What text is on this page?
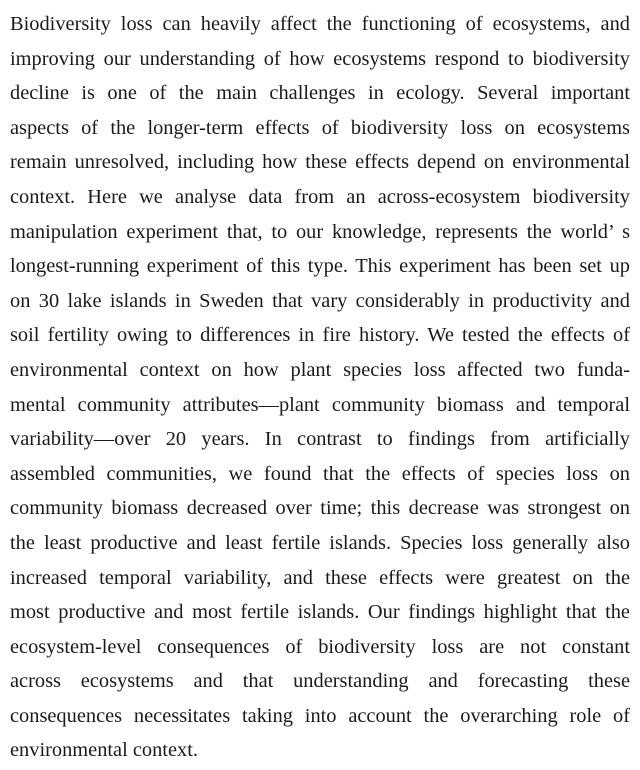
Biodiversity loss can heavily affect the functioning of ecosystems, and
improving our understanding of how ecosystems respond to biodiversity
decline is one of the main challenges in ecology. Several important
aspects of the longer-term effects of biodiversity loss on ecosystems
remain unresolved, including how these effects depend on environmental
context. Here we analyse data from an across-ecosystem biodiversity
manipulation experiment that, to our knowledge, represents the world’ s
longest-running experiment of this type. This experiment has been set up
on 30 lake islands in Sweden that vary considerably in productivity and
soil fertility owing to differences in fire history. We tested the effects of
environmental context on how plant species loss affected two funda-
mental community attributes—plant community biomass and temporal
variability—over 20 years. In contrast to findings from artificially
assembled communities, we found that the effects of species loss on
community biomass decreased over time; this decrease was strongest on
the least productive and least fertile islands. Species loss generally also
increased temporal variability, and these effects were greatest on the
most productive and most fertile islands. Our findings highlight that the
ecosystem-level consequences of biodiversity loss are not constant
across ecosystems and that understanding and forecasting these
consequences necessitates taking into account the overarching role of
environmental context.
